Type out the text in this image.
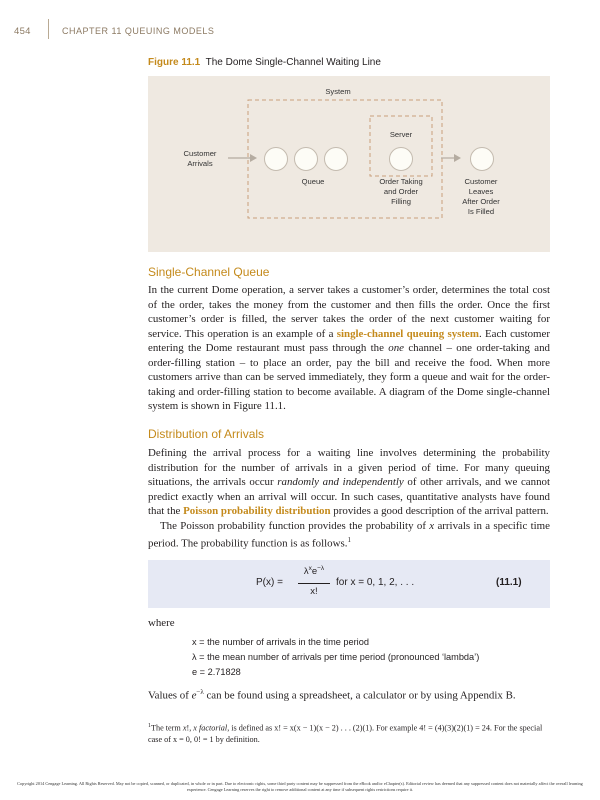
454	CHAPTER 11 QUEUING MODELS
Figure 11.1 The Dome Single-Channel Waiting Line
System
Server
Customer
Arrivals
Queue	Order Taking
and Order
Filling
Customer
Leaves
After Order
Is Filled
Single-Channel Queue

In the current Dome operation, a server takes a customer’s order, determines the total cost of the order, takes the money from the customer and then fills the order. Once the first customer’s order is filled, the server takes the order of the next customer waiting for service. This operation is an example of a single-channel queuing system. Each customer entering the Dome restaurant must pass through the one channel – one order-taking and order-filling station – to place an order, pay the bill and receive the food. When more customers arrive than can be served immediately, they form a queue and wait for the order-taking and order-filling station to become available. A diagram of the Dome single-channel system is shown in Figure 11.1.

Distribution of Arrivals

Defining the arrival process for a waiting line involves determining the probability distribution for the number of arrivals in a given period of time. For many queuing situations, the arrivals occur randomly and independently of other arrivals, and we cannot predict exactly when an arrival will occur. In such cases, quantitative analysts have found that the Poisson probability distribution provides a good description of the arrival pattern.

The Poisson probability function provides the probability of x arrivals in a specific time period. The probability function is as follows.$^1$

P(x) =
$\lambda^xe^{-\lambda}$
x!
for x = 0, 1, 2, . . .	(11.1)
where
x = the number of arrivals in the time period
λ = the mean number of arrivals per time period (pronounced ‘lambda’)
e = 2.71828
Values of $e^{-\lambda}$ can be found using a spreadsheet, a calculator or by using Appendix B.
$^1$The term x!, x factorial, is defined as x! = x(x − 1)(x − 2) . . . (2)(1). For example 4! = (4)(3)(2)(1) = 24. For the special case of x = 0, 0! = 1 by definition.
Copyright 2014 Cengage Learning. All Rights Reserved. May not be copied, scanned, or duplicated, in whole or in part. Due to electronic rights, some third party content may be suppressed from the eBook and/or eChapter(s). Editorial review has deemed that any suppressed content does not materially affect the overall learning experience. Cengage Learning reserves the right to remove additional content at any time if subsequent rights restrictions require it.
